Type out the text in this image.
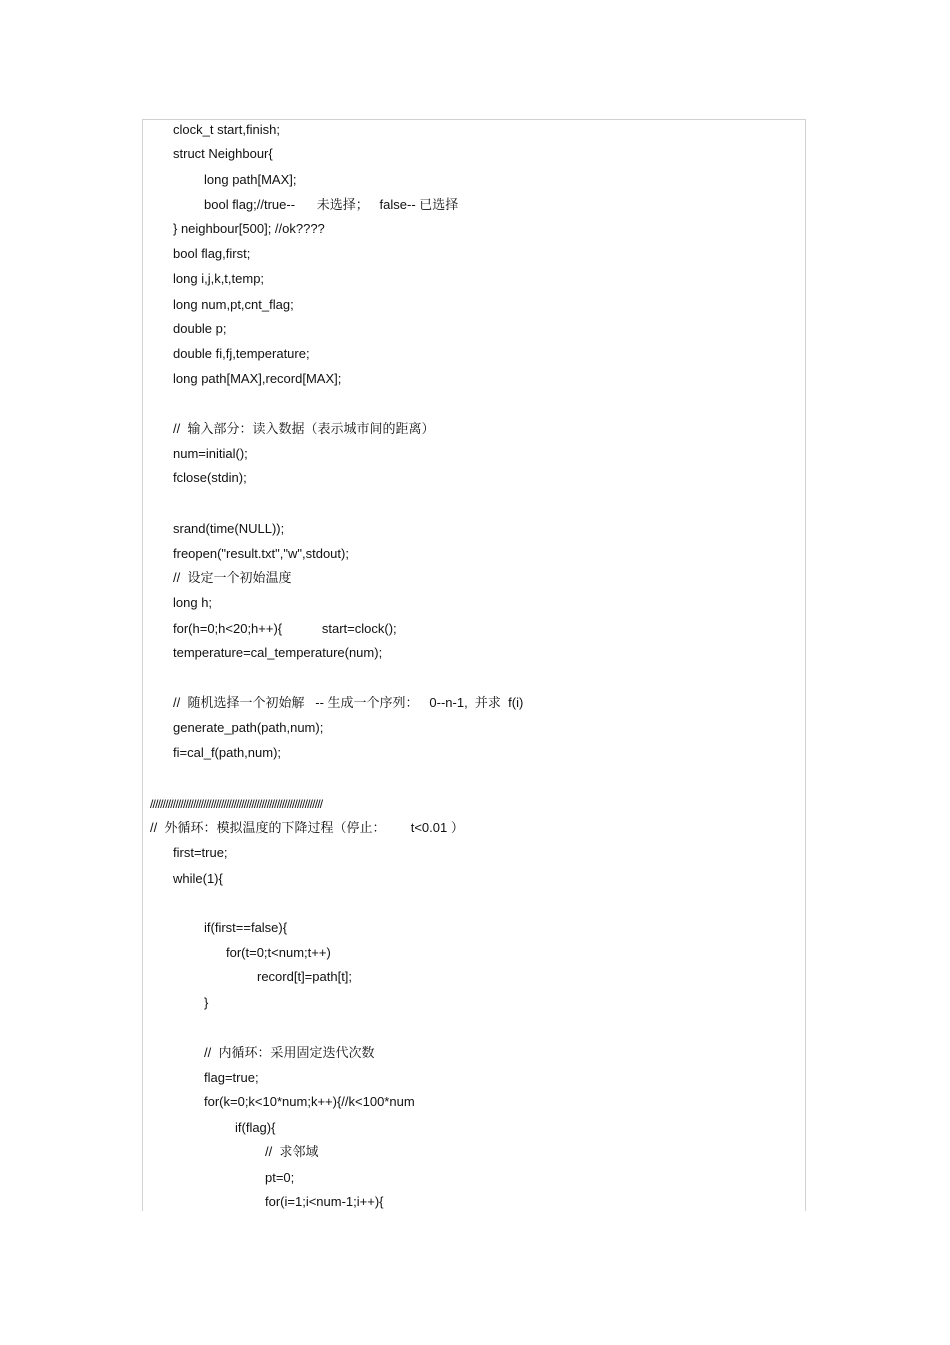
clock_t start,finish;
struct Neighbour{
long path[MAX];
bool flag;//true--      未选择；   false-- 已选择
} neighbour[500]; //ok????
bool flag,first;
long i,j,k,t,temp;
long num,pt,cnt_flag;
double p;
double fi,fj,temperature;
long path[MAX],record[MAX];
//  输入部分：读入数据（表示城市间的距离）
num=initial();
fclose(stdin);
srand(time(NULL));
freopen("result.txt","w",stdout);
//  设定一个初始温度
long h;
for(h=0;h<20;h++){           start=clock();
temperature=cal_temperature(num);
//  随机选择一个初始解   -- 生成一个序列：   0--n-1,  并求  f(i)
generate_path(path,num);
fi=cal_f(path,num);
////////////////////////////////////////////////////////////////////
//  外循环：模拟温度的下降过程（停止：       t<0.01 ）
first=true;
while(1){
if(first==false){
for(t=0;t<num;t++)
record[t]=path[t];
}
//  内循环：采用固定迭代次数
flag=true;
for(k=0;k<10*num;k++){//k<100*num
if(flag){
//  求邻域
pt=0;
for(i=1;i<num-1;i++){
